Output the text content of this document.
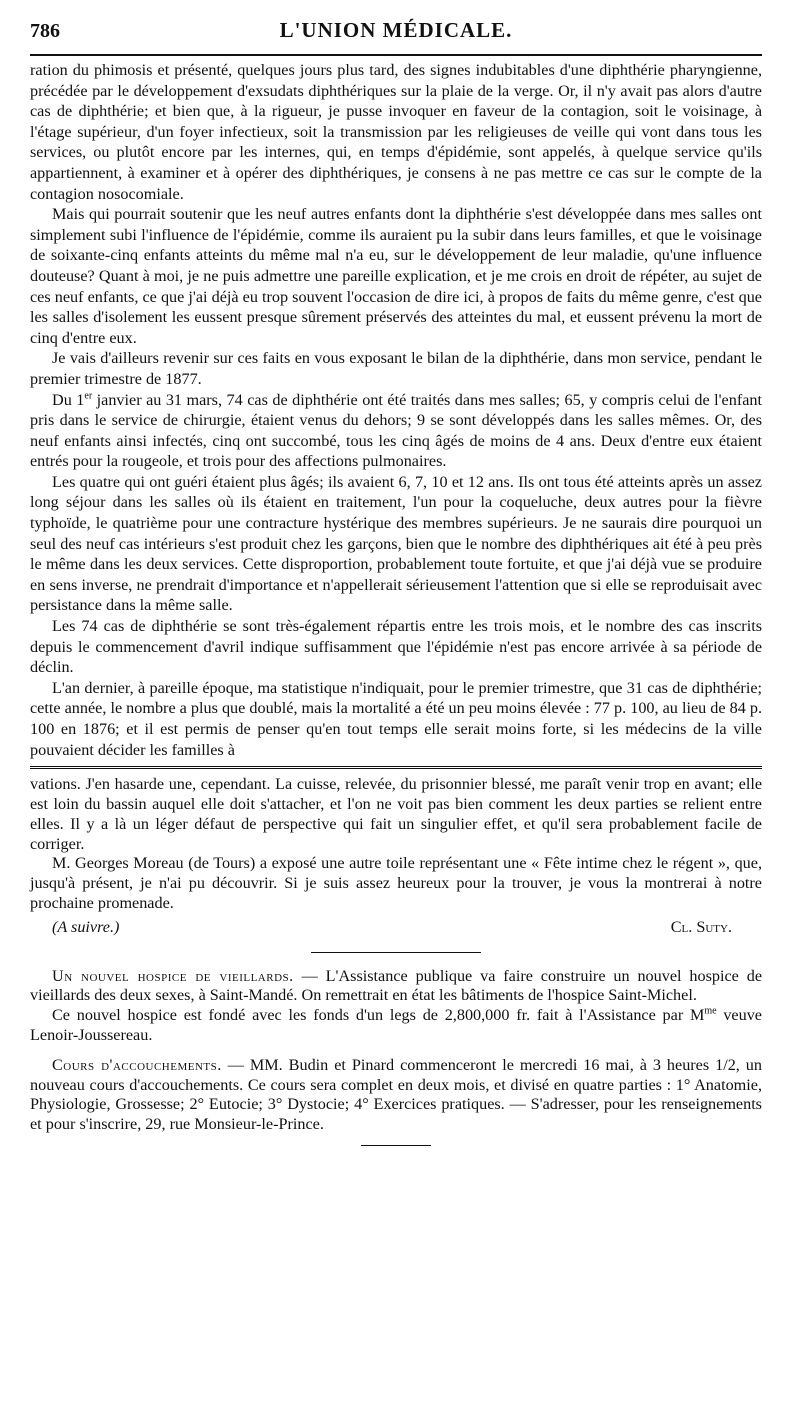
786	L'UNION MÉDICALE.

ration du phimosis et présenté, quelques jours plus tard, des signes indubitables d'une diphthérie pharyngienne, précédée par le développement d'exsudats diphthériques sur la plaie de la verge. Or, il n'y avait pas alors d'autre cas de diphthérie; et bien que, à la rigueur, je pusse invoquer en faveur de la contagion, soit le voisinage, à l'étage supérieur, d'un foyer infectieux, soit la transmission par les religieuses de veille qui vont dans tous les services, ou plutôt encore par les internes, qui, en temps d'épidémie, sont appelés, à quelque service qu'ils appartiennent, à examiner et à opérer des diphthériques, je consens à ne pas mettre ce cas sur le compte de la contagion nosocomiale.

Mais qui pourrait soutenir que les neuf autres enfants dont la diphthérie s'est développée dans mes salles ont simplement subi l'influence de l'épidémie, comme ils auraient pu la subir dans leurs familles, et que le voisinage de soixante-cinq enfants atteints du même mal n'a eu, sur le développement de leur maladie, qu'une influence douteuse? Quant à moi, je ne puis admettre une pareille explication, et je me crois en droit de répéter, au sujet de ces neuf enfants, ce que j'ai déjà eu trop souvent l'occasion de dire ici, à propos de faits du même genre, c'est que les salles d'isolement les eussent presque sûrement préservés des atteintes du mal, et eussent prévenu la mort de cinq d'entre eux.

Je vais d'ailleurs revenir sur ces faits en vous exposant le bilan de la diphthérie, dans mon service, pendant le premier trimestre de 1877.

Du 1er janvier au 31 mars, 74 cas de diphthérie ont été traités dans mes salles; 65, y compris celui de l'enfant pris dans le service de chirurgie, étaient venus du dehors; 9 se sont développés dans les salles mêmes. Or, des neuf enfants ainsi infectés, cinq ont succombé, tous les cinq âgés de moins de 4 ans. Deux d'entre eux étaient entrés pour la rougeole, et trois pour des affections pulmonaires.

Les quatre qui ont guéri étaient plus âgés; ils avaient 6, 7, 10 et 12 ans. Ils ont tous été atteints après un assez long séjour dans les salles où ils étaient en traitement, l'un pour la coqueluche, deux autres pour la fièvre typhoïde, le quatrième pour une contracture hystérique des membres supérieurs. Je ne saurais dire pourquoi un seul des neuf cas intérieurs s'est produit chez les garçons, bien que le nombre des diphthériques ait été à peu près le même dans les deux services. Cette disproportion, probablement toute fortuite, et que j'ai déjà vue se produire en sens inverse, ne prendrait d'importance et n'appellerait sérieusement l'attention que si elle se reproduisait avec persistance dans la même salle.

Les 74 cas de diphthérie se sont très-également répartis entre les trois mois, et le nombre des cas inscrits depuis le commencement d'avril indique suffisamment que l'épidémie n'est pas encore arrivée à sa période de déclin.

L'an dernier, à pareille époque, ma statistique n'indiquait, pour le premier trimestre, que 31 cas de diphthérie; cette année, le nombre a plus que doublé, mais la mortalité a été un peu moins élevée : 77 p. 100, au lieu de 84 p. 100 en 1876; et il est permis de penser qu'en tout temps elle serait moins forte, si les médecins de la ville pouvaient décider les familles à

vations. J'en hasarde une, cependant. La cuisse, relevée, du prisonnier blessé, me paraît venir trop en avant; elle est loin du bassin auquel elle doit s'attacher, et l'on ne voit pas bien comment les deux parties se relient entre elles. Il y a là un léger défaut de perspective qui fait un singulier effet, et qu'il sera probablement facile de corriger.

M. Georges Moreau (de Tours) a exposé une autre toile représentant une « Fête intime chez le régent », que, jusqu'à présent, je n'ai pu découvrir. Si je suis assez heureux pour la trouver, je vous la montrerai à notre prochaine promenade.

(A suivre.)	Cl. Suty.

Un nouvel hospice de vieillards. — L'Assistance publique va faire construire un nouvel hospice de vieillards des deux sexes, à Saint-Mandé. On remettrait en état les bâtiments de l'hospice Saint-Michel.

Ce nouvel hospice est fondé avec les fonds d'un legs de 2,800,000 fr. fait à l'Assistance par $M^{me}$ veuve Lenoir-Joussereau.

Cours d'accouchements. — MM. Budin et Pinard commenceront le mercredi 16 mai, à 3 heures 1/2, un nouveau cours d'accouchements. Ce cours sera complet en deux mois, et divisé en quatre parties : 1° Anatomie, Physiologie, Grossesse; 2° Eutocie; 3° Dystocie; 4° Exercices pratiques. — S'adresser, pour les renseignements et pour s'inscrire, 29, rue Monsieur-le-Prince.
